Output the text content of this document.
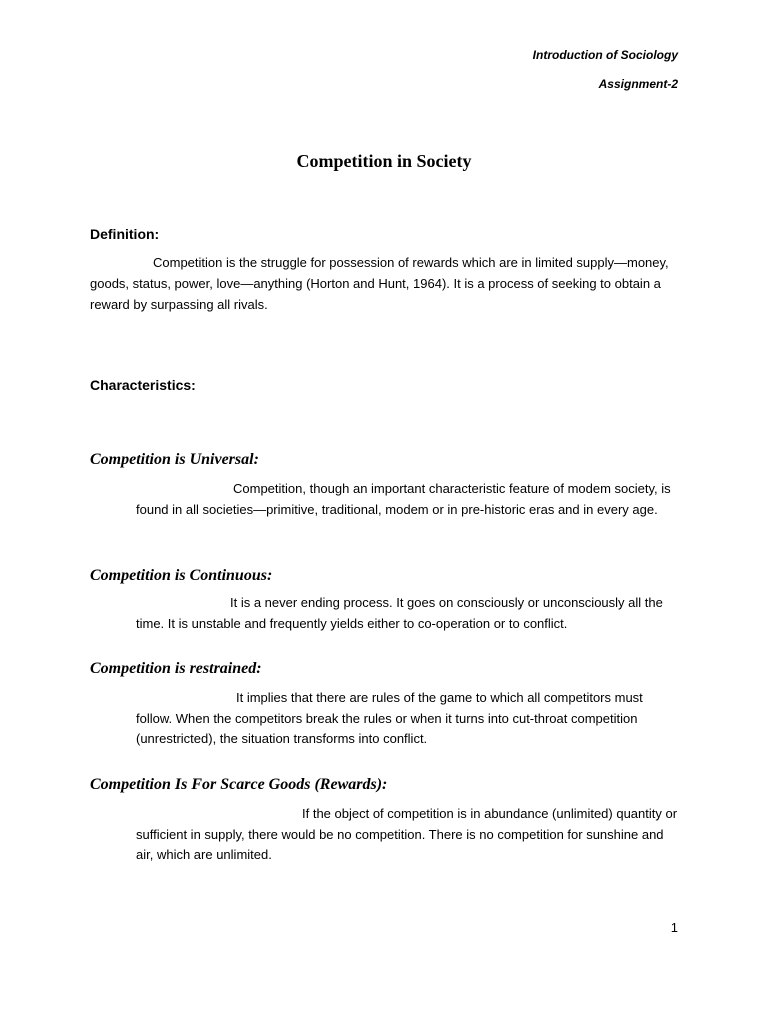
Introduction of Sociology
Assignment-2
Competition in Society
Definition:

Competition is the struggle for possession of rewards which are in limited supply—money, goods, status, power, love—anything (Horton and Hunt, 1964). It is a process of seeking to obtain a reward by surpassing all rivals.

Characteristics:
Competition is Universal:

Competition, though an important characteristic feature of modem society, is found in all societies—primitive, traditional, modem or in pre-historic eras and in every age.

Competition is Continuous:

It is a never ending process. It goes on consciously or unconsciously all the time. It is unstable and frequently yields either to co-operation or to conflict.

Competition is restrained:

It implies that there are rules of the game to which all competitors must follow. When the competitors break the rules or when it turns into cut-throat competition (unrestricted), the situation transforms into conflict.

Competition Is For Scarce Goods (Rewards):

If the object of competition is in abundance (unlimited) quantity or sufficient in supply, there would be no competition. There is no competition for sunshine and air, which are unlimited.

1
